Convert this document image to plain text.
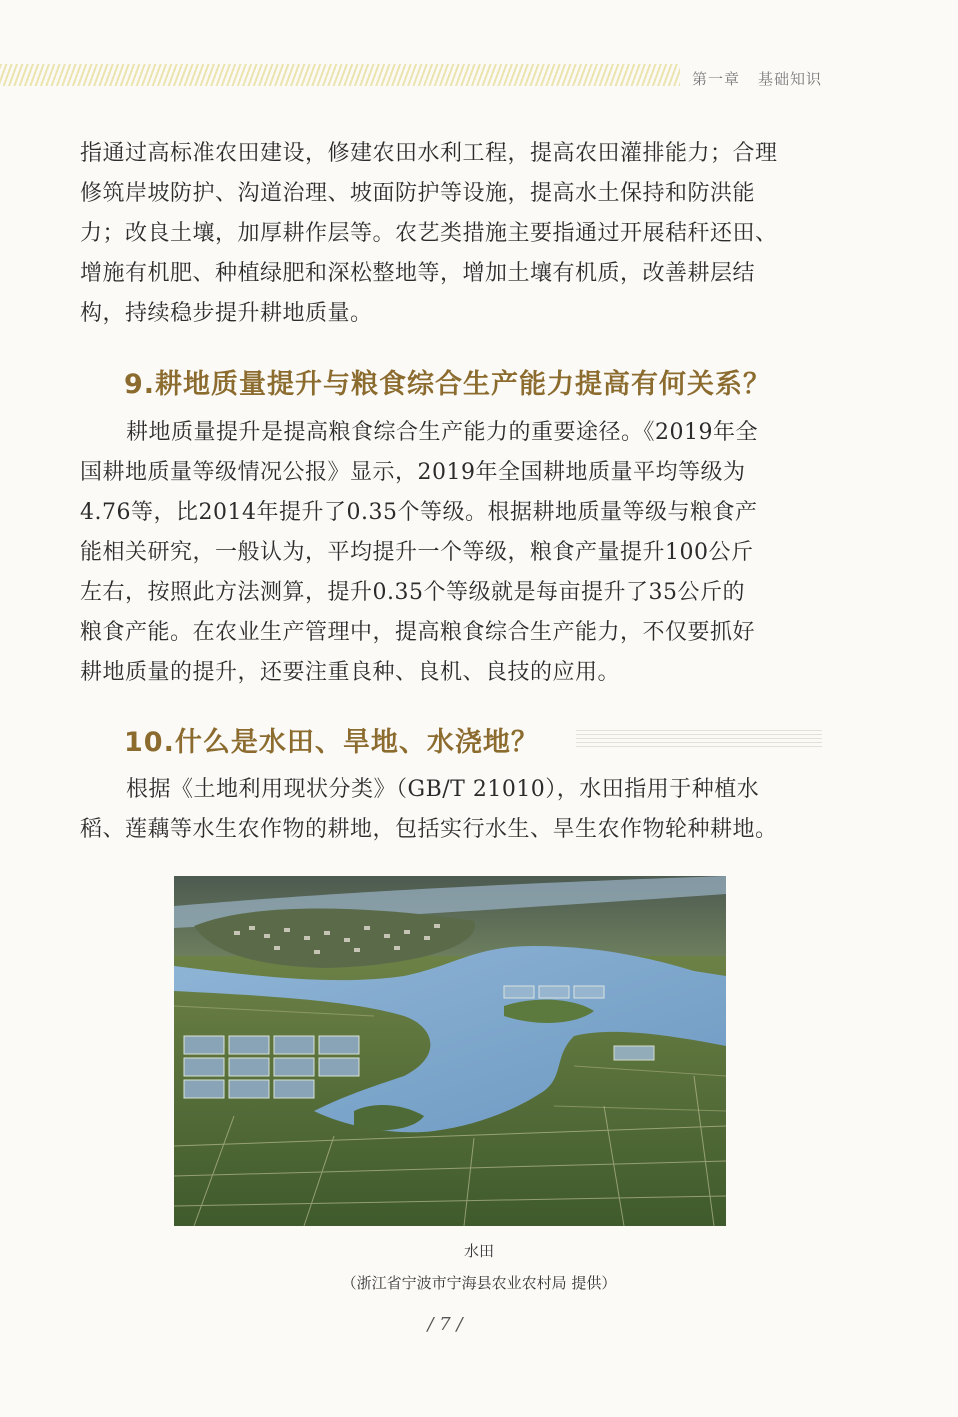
第一章 基础知识
指通过高标准农田建设，修建农田水利工程，提高农田灌排能力；合理
修筑岸坡防护、沟道治理、坡面防护等设施，提高水土保持和防洪能
力；改良土壤，加厚耕作层等。农艺类措施主要指通过开展秸秆还田、
增施有机肥、种植绿肥和深松整地等，增加土壤有机质，改善耕层结
构，持续稳步提升耕地质量。
9.耕地质量提升与粮食综合生产能力提高有何关系？
耕地质量提升是提高粮食综合生产能力的重要途径。《2019年全
国耕地质量等级情况公报》显示，2019年全国耕地质量平均等级为
4.76等，比2014年提升了0.35个等级。根据耕地质量等级与粮食产
能相关研究，一般认为，平均提升一个等级，粮食产量提升100公斤
左右，按照此方法测算，提升0.35个等级就是每亩提升了35公斤的
粮食产能。在农业生产管理中，提高粮食综合生产能力，不仅要抓好
耕地质量的提升，还要注重良种、良机、良技的应用。
10.什么是水田、旱地、水浇地？
根据《土地利用现状分类》（GB/T 21010），水田指用于种植水
稻、莲藕等水生农作物的耕地，包括实行水生、旱生农作物轮种耕地。
水田
（浙江省宁波市宁海县农业农村局 提供）
/ 7 /
